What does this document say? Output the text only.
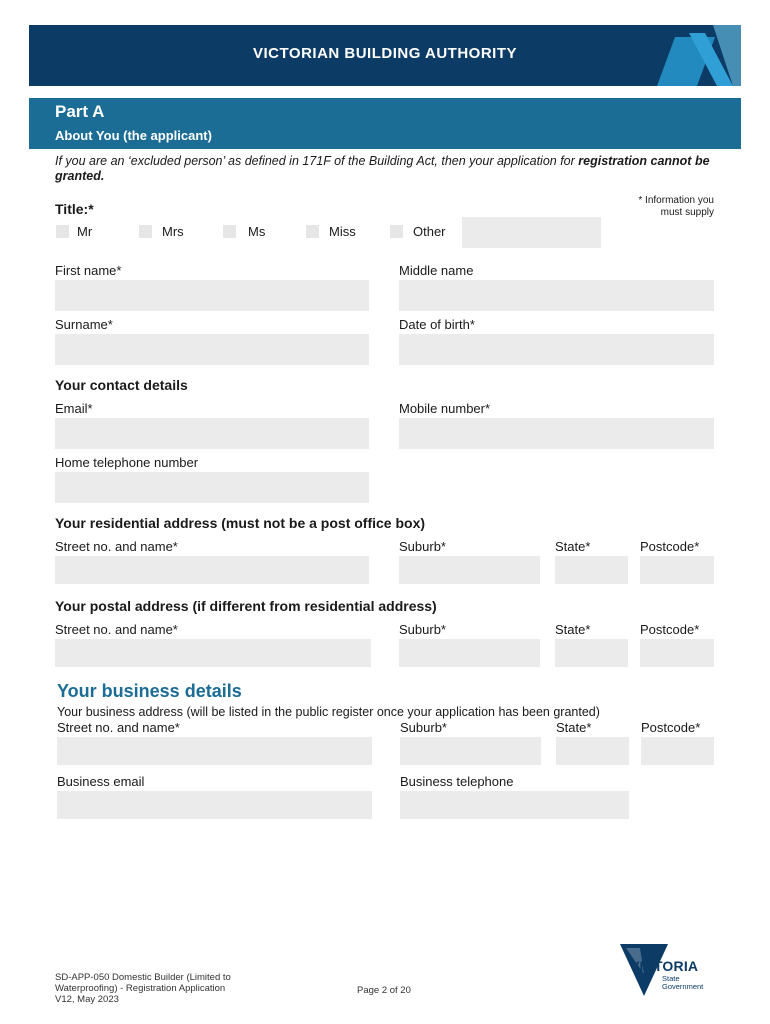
VICTORIAN BUILDING AUTHORITY
Part A
About You (the applicant)
If you are an ‘excluded person’ as defined in 171F of the Building Act, then your application for registration cannot be granted.
* Information you must supply
Title:*
Mr	Mrs	Ms	Miss	Other
First name*	Middle name
Surname*	Date of birth*
Your contact details
Email*	Mobile number*
Home telephone number
Your residential address (must not be a post office box)
Street no. and name*	Suburb*	State*	Postcode*
Your postal address (if different from residential address)
Street no. and name*	Suburb*	State*	Postcode*
Your business details
Your business address (will be listed in the public register once your application has been granted)
Street no. and name*	Suburb*	State*	Postcode*
Business email	Business telephone
SD-APP-050 Domestic Builder (Limited to Waterproofing) - Registration Application V12, May 2023
Page 2 of 20
VICTORIA
State Government
